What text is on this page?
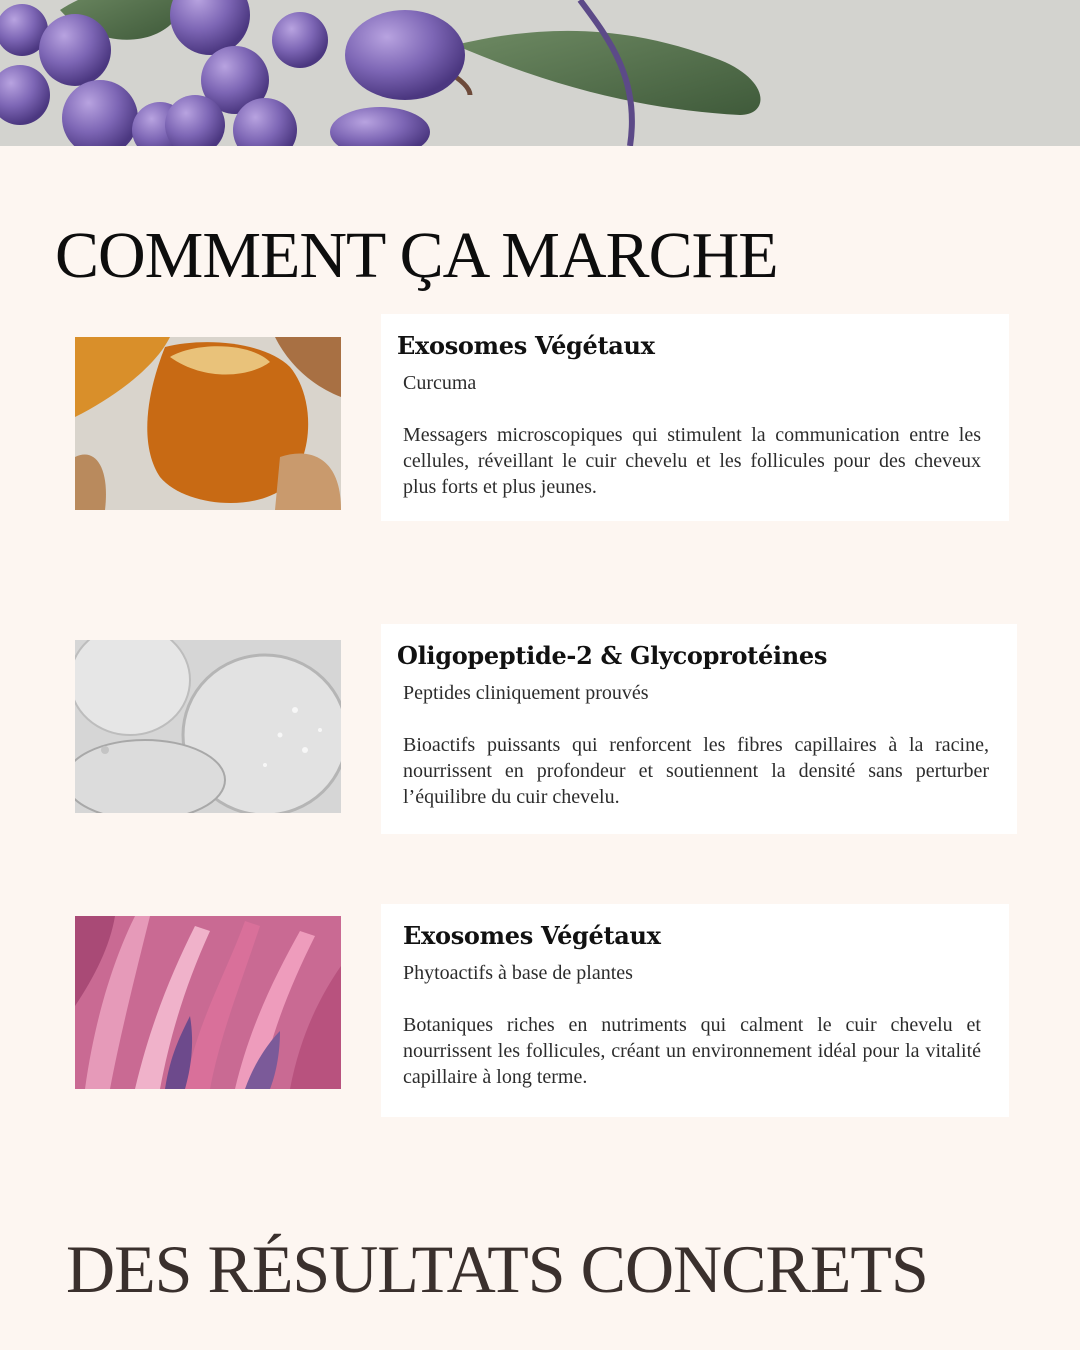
COMMENT ÇA MARCHE
Exosomes Végétaux

Curcuma

Messagers microscopiques qui stimulent la communication entre les cellules, réveillant le cuir chevelu et les follicules pour des cheveux plus forts et plus jeunes.

Oligopeptide-2 & Glycoprotéines

Peptides cliniquement prouvés

Bioactifs puissants qui renforcent les fibres capillaires à la racine, nourrissent en profondeur et soutiennent la densité sans perturber l’équilibre du cuir chevelu.

Exosomes Végétaux

Phytoactifs à base de plantes

Botaniques riches en nutriments qui calment le cuir chevelu et nourrissent les follicules, créant un environnement idéal pour la vitalité capillaire à long terme.

DES RÉSULTATS CONCRETS
